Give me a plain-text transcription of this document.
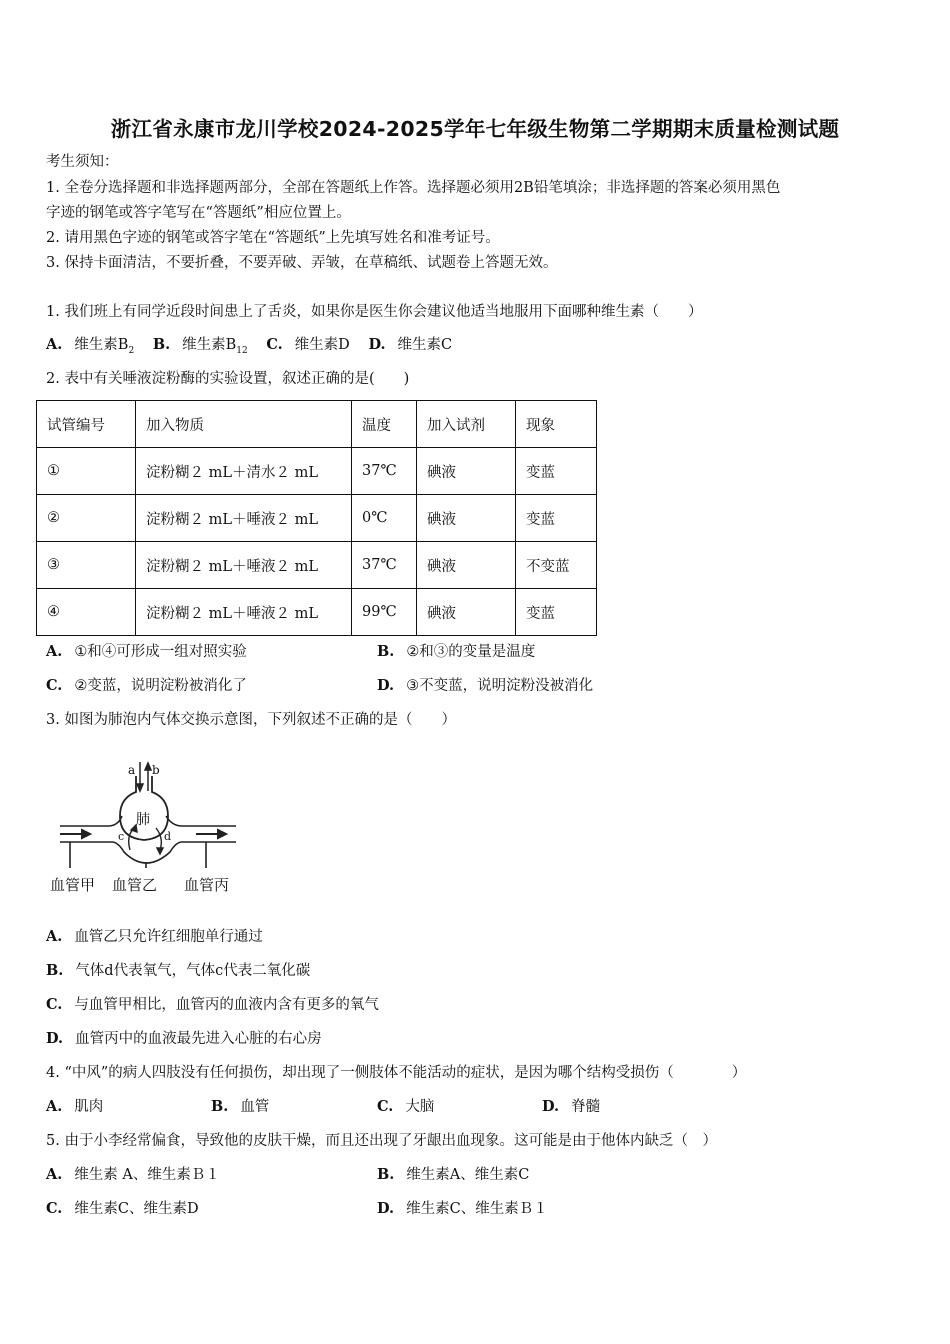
浙江省永康市龙川学校2024-2025学年七年级生物第二学期期末质量检测试题
考生须知：
1. 全卷分选择题和非选择题两部分，全部在答题纸上作答。选择题必须用2B铅笔填涂；非选择题的答案必须用黑色
字迹的钢笔或答字笔写在“答题纸”相应位置上。
2. 请用黑色字迹的钢笔或答字笔在“答题纸”上先填写姓名和准考证号。
3. 保持卡面清洁，不要折叠，不要弄破、弄皱，在草稿纸、试题卷上答题无效。
1. 我们班上有同学近段时间患上了舌炎，如果你是医生你会建议他适当地服用下面哪种维生素（　　）
A. 维生素$B_2$ B. 维生素$B_{12}$ C. 维生素D D. 维生素C
2. 表中有关唾液淀粉酶的实验设置，叙述正确的是(　　)
试管编号	加入物质	温度	加入试剂	现象
①	淀粉糊２ mL＋清水２ mL	37℃	碘液	变蓝
②	淀粉糊２ mL＋唾液２ mL	0℃	碘液	变蓝
③	淀粉糊２ mL＋唾液２ mL	37℃	碘液	不变蓝
④	淀粉糊２ mL＋唾液２ mL	99℃	碘液	变蓝
A. ①和④可形成一组对照实验	B. ②和③的变量是温度
C. ②变蓝，说明淀粉被消化了	D. ③不变蓝，说明淀粉没被消化
3. 如图为肺泡内气体交换示意图，下列叙述不正确的是（　　）
a b
肺
c	d
血管甲 血管乙 血管丙
A. 血管乙只允许红细胞单行通过
B. 气体d代表氧气，气体c代表二氧化碳
C. 与血管甲相比，血管丙的血液内含有更多的氧气
D. 血管丙中的血液最先进入心脏的右心房
4. “中风”的病人四肢没有任何损伤，却出现了一侧肢体不能活动的症状，是因为哪个结构受损伤（　　　　）
A. 肌肉	B. 血管	C. 大脑	D. 脊髓
5. 由于小李经常偏食，导致他的皮肤干燥，而且还出现了牙龈出血现象。这可能是由于他体内缺乏（　）
A. 维生素 A、维生素Ｂ１	B. 维生素A、维生素C
C. 维生素C、维生素D	D. 维生素C、维生素Ｂ１
